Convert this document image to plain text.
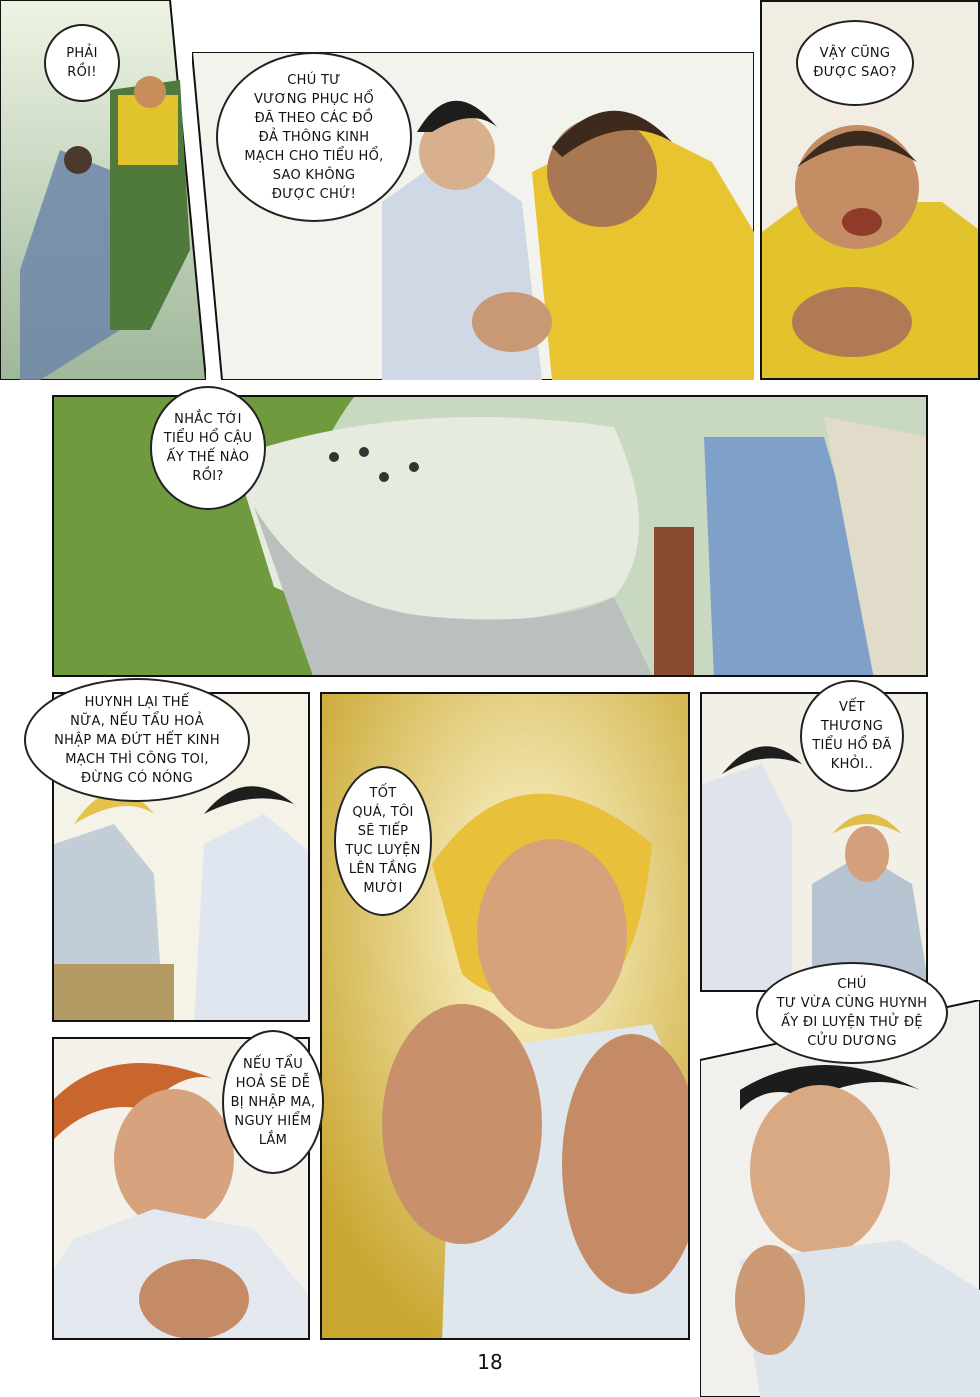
PHẢI
RỒI!	CHÚ TƯ
VƯƠNG PHỤC HỔ
ĐÃ THEO CÁC ĐỒ
ĐẢ THÔNG KINH
MẠCH CHO TIỂU HỔ,
SAO KHÔNG
ĐƯỢC CHỨ!
VẬY CŨNG
ĐƯỢC SAO?
NHẮC TỚI
TIỂU HỔ CẬU
ẤY THẾ NÀO
RỒI?
HUYNH LẠI THẾ
NỮA, NẾU TẨU HOẢ
NHẬP MA ĐỨT HẾT KINH
MẠCH THÌ CÔNG TOI,
ĐỪNG CÓ NÓNG
TỐT
QUÁ, TÔI
SẼ TIẾP
TỤC LUYỆN
LÊN TẦNG
MƯỜI
VẾT
THƯƠNG
TIỂU HỔ ĐÃ
KHỎI..
CHÚ
TƯ VỪA CÙNG HUYNH
ẤY ĐI LUYỆN THỬ ĐỆ
CỬU DƯƠNG
NẾU TẨU
HOẢ SẼ DỄ
BỊ NHẬP MA,
NGUY HIỂM
LẮM
18
